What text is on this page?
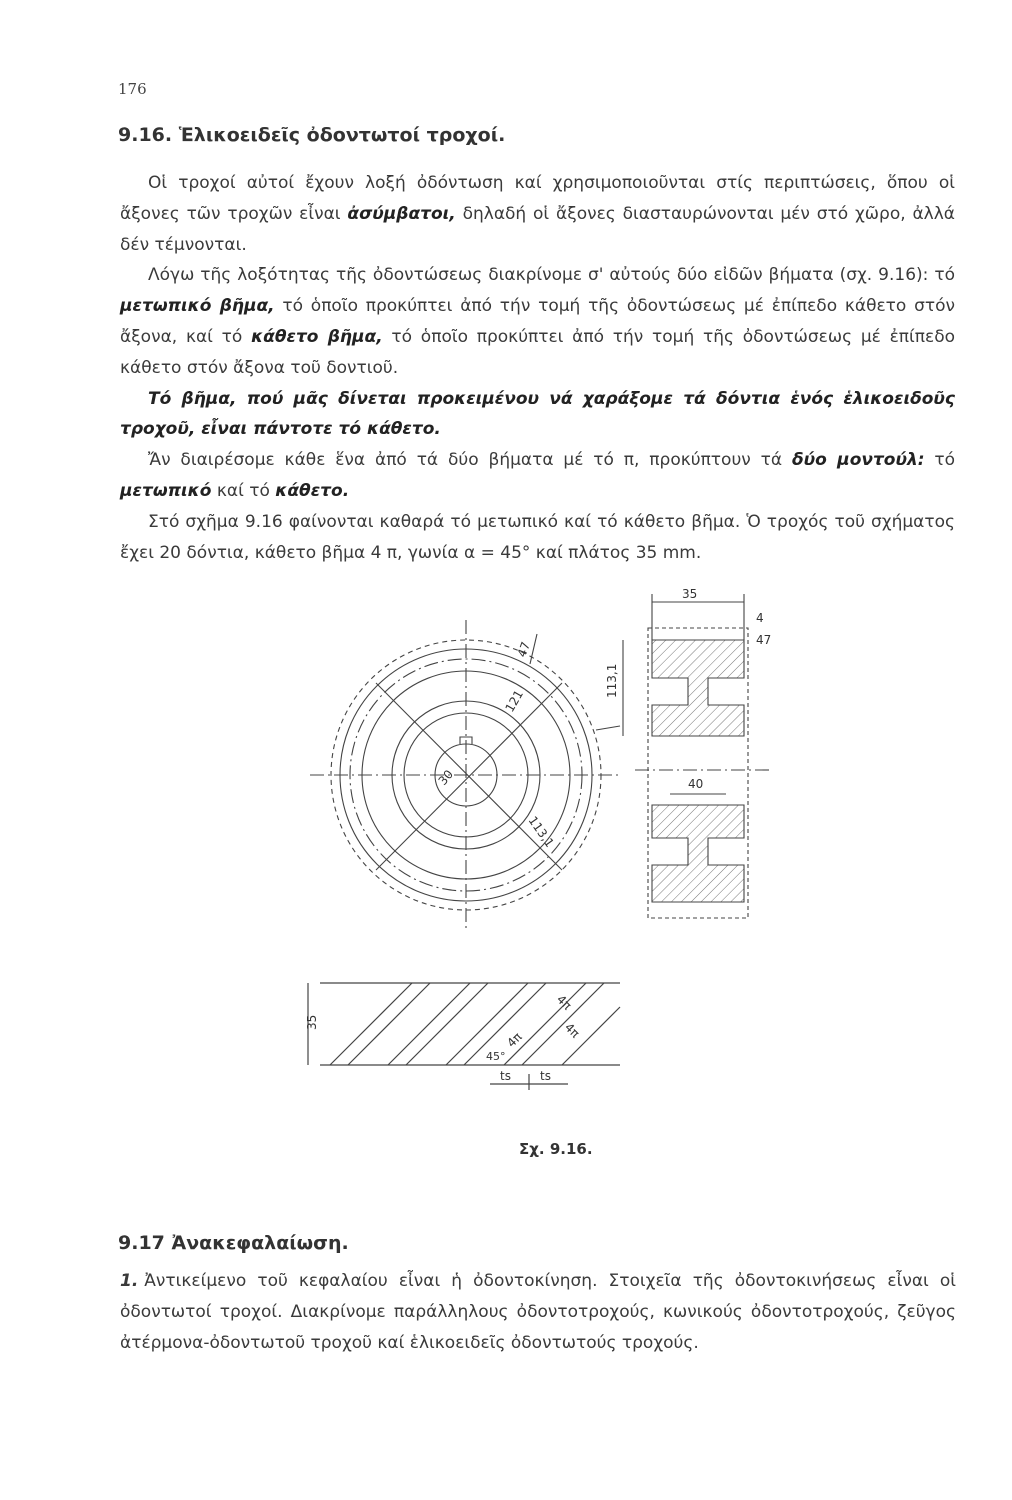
176
9.16. Ἑλικοειδεῖς ὀδοντωτοί τροχοί.

Οἱ τροχοί αὐτοί ἔχουν λοξή ὀδόντωση καί χρησιμοποιοῦνται στίς περιπτώσεις, ὅπου οἱ ἄξονες τῶν τροχῶν εἶναι ἀσύμβατοι, δηλαδή οἱ ἄξονες διασταυρώνονται μέν στό χῶρο, ἀλλά δέν τέμνονται.

Λόγω τῆς λοξότητας τῆς ὀδοντώσεως διακρίνομε σ' αὐτούς δύο εἰδῶν βήματα (σχ. 9.16): τό μετωπικό βῆμα, τό ὁποῖο προκύπτει ἀπό τήν τομή τῆς ὀδοντώσεως μέ ἐπίπεδο κάθετο στόν ἄξονα, καί τό κάθετο βῆμα, τό ὁποῖο προκύπτει ἀπό τήν τομή τῆς ὀδοντώσεως μέ ἐπίπεδο κάθετο στόν ἄξονα τοῦ δοντιοῦ.

Τό βῆμα, πού μᾶς δίνεται προκειμένου νά χαράξομε τά δόντια ἑνός ἑλικοειδοῦς τροχοῦ, εἶναι πάντοτε τό κάθετο.

Ἄν διαιρέσομε κάθε ἕνα ἀπό τά δύο βήματα μέ τό π, προκύπτουν τά δύο μοντούλ: τό μετωπικό καί τό κάθετο.

Στό σχῆμα 9.16 φαίνονται καθαρά τό μετωπικό καί τό κάθετο βῆμα. Ὁ τροχός τοῦ σχήματος ἔχει 20 δόντια, κάθετο βῆμα 4 π, γωνία α = 45° καί πλάτος 35 mm.

47
121
30
113,1
35
4
47
113,1
40
35
4π
4π
4π
45°
ts ts
Σχ. 9.16.
9.17 Ἀνακεφαλαίωση.
1. Ἀντικείμενο τοῦ κεφαλαίου εἶναι ἡ ὀδοντοκίνηση. Στοιχεῖα τῆς ὀδοντοκινήσεως εἶναι οἱ ὀδοντωτοί τροχοί. Διακρίνομε παράλληλους ὀδοντοτροχούς, κωνικούς ὀδοντοτροχούς, ζεῦγος ἀτέρμονα-ὀδοντωτοῦ τροχοῦ καί ἑλικοειδεῖς ὀδοντωτούς τροχούς.
